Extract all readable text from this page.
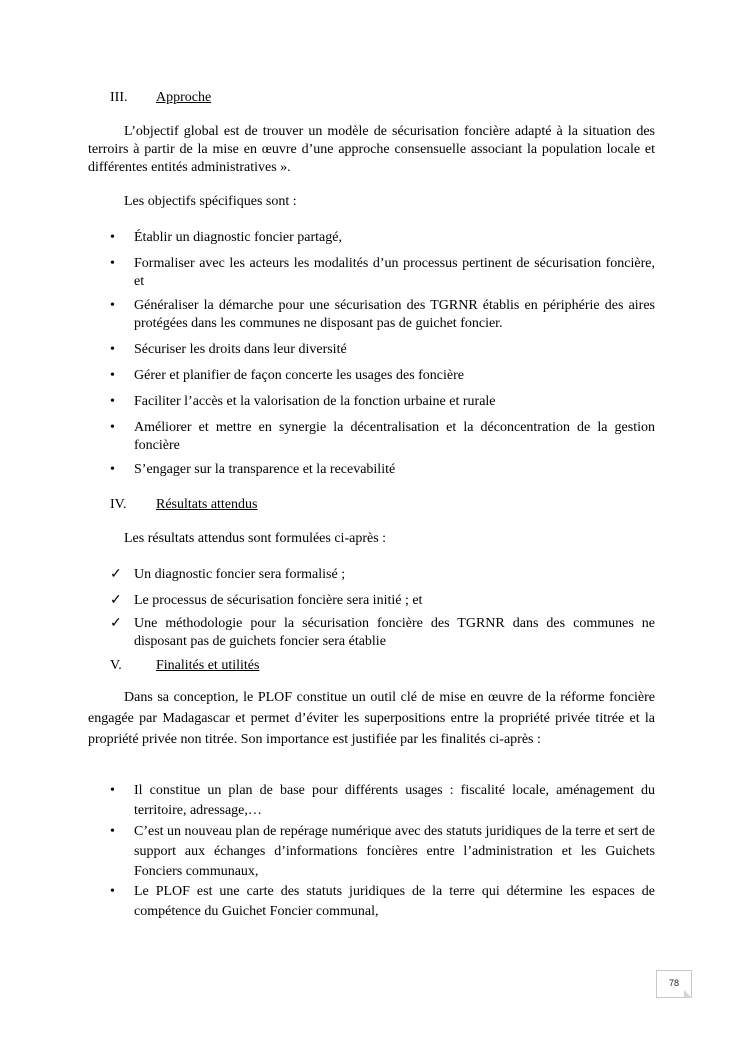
III. Approche

L’objectif global est de trouver un modèle de sécurisation foncière adapté à la situation des terroirs à partir de la mise en œuvre d’une approche consensuelle associant la population locale et différentes entités administratives ».

Les objectifs spécifiques sont :
• Établir un diagnostic foncier partagé,
• Formaliser avec les acteurs les modalités d’un processus pertinent de sécurisation foncière, et
• Généraliser la démarche pour une sécurisation des TGRNR établis en périphérie des aires protégées dans les communes ne disposant pas de guichet foncier.
• Sécuriser les droits dans leur diversité
• Gérer et planifier de façon concerte les usages des foncière
• Faciliter l’accès et la valorisation de la fonction urbaine et rurale
• Améliorer et mettre en synergie la décentralisation et la déconcentration de la gestion foncière
• S’engager sur la transparence et la recevabilité
IV. Résultats attendus
Les résultats attendus sont formulées ci-après :
✓ Un diagnostic foncier sera formalisé ;
✓ Le processus de sécurisation foncière sera initié ; et
✓ Une méthodologie pour la sécurisation foncière des TGRNR dans des communes ne disposant pas de guichets foncier sera établie
V. Finalités et utilités

Dans sa conception, le PLOF constitue un outil clé de mise en œuvre de la réforme foncière engagée par Madagascar et permet d’éviter les superpositions entre la propriété privée titrée et la propriété privée non titrée. Son importance est justifiée par les finalités ci-après :

• Il constitue un plan de base pour différents usages : fiscalité locale, aménagement du territoire, adressage,…
• C’est un nouveau plan de repérage numérique avec des statuts juridiques de la terre et sert de support aux échanges d’informations foncières entre l’administration et les Guichets Fonciers communaux,
• Le PLOF est une carte des statuts juridiques de la terre qui détermine les espaces de compétence du Guichet Foncier communal,
78
